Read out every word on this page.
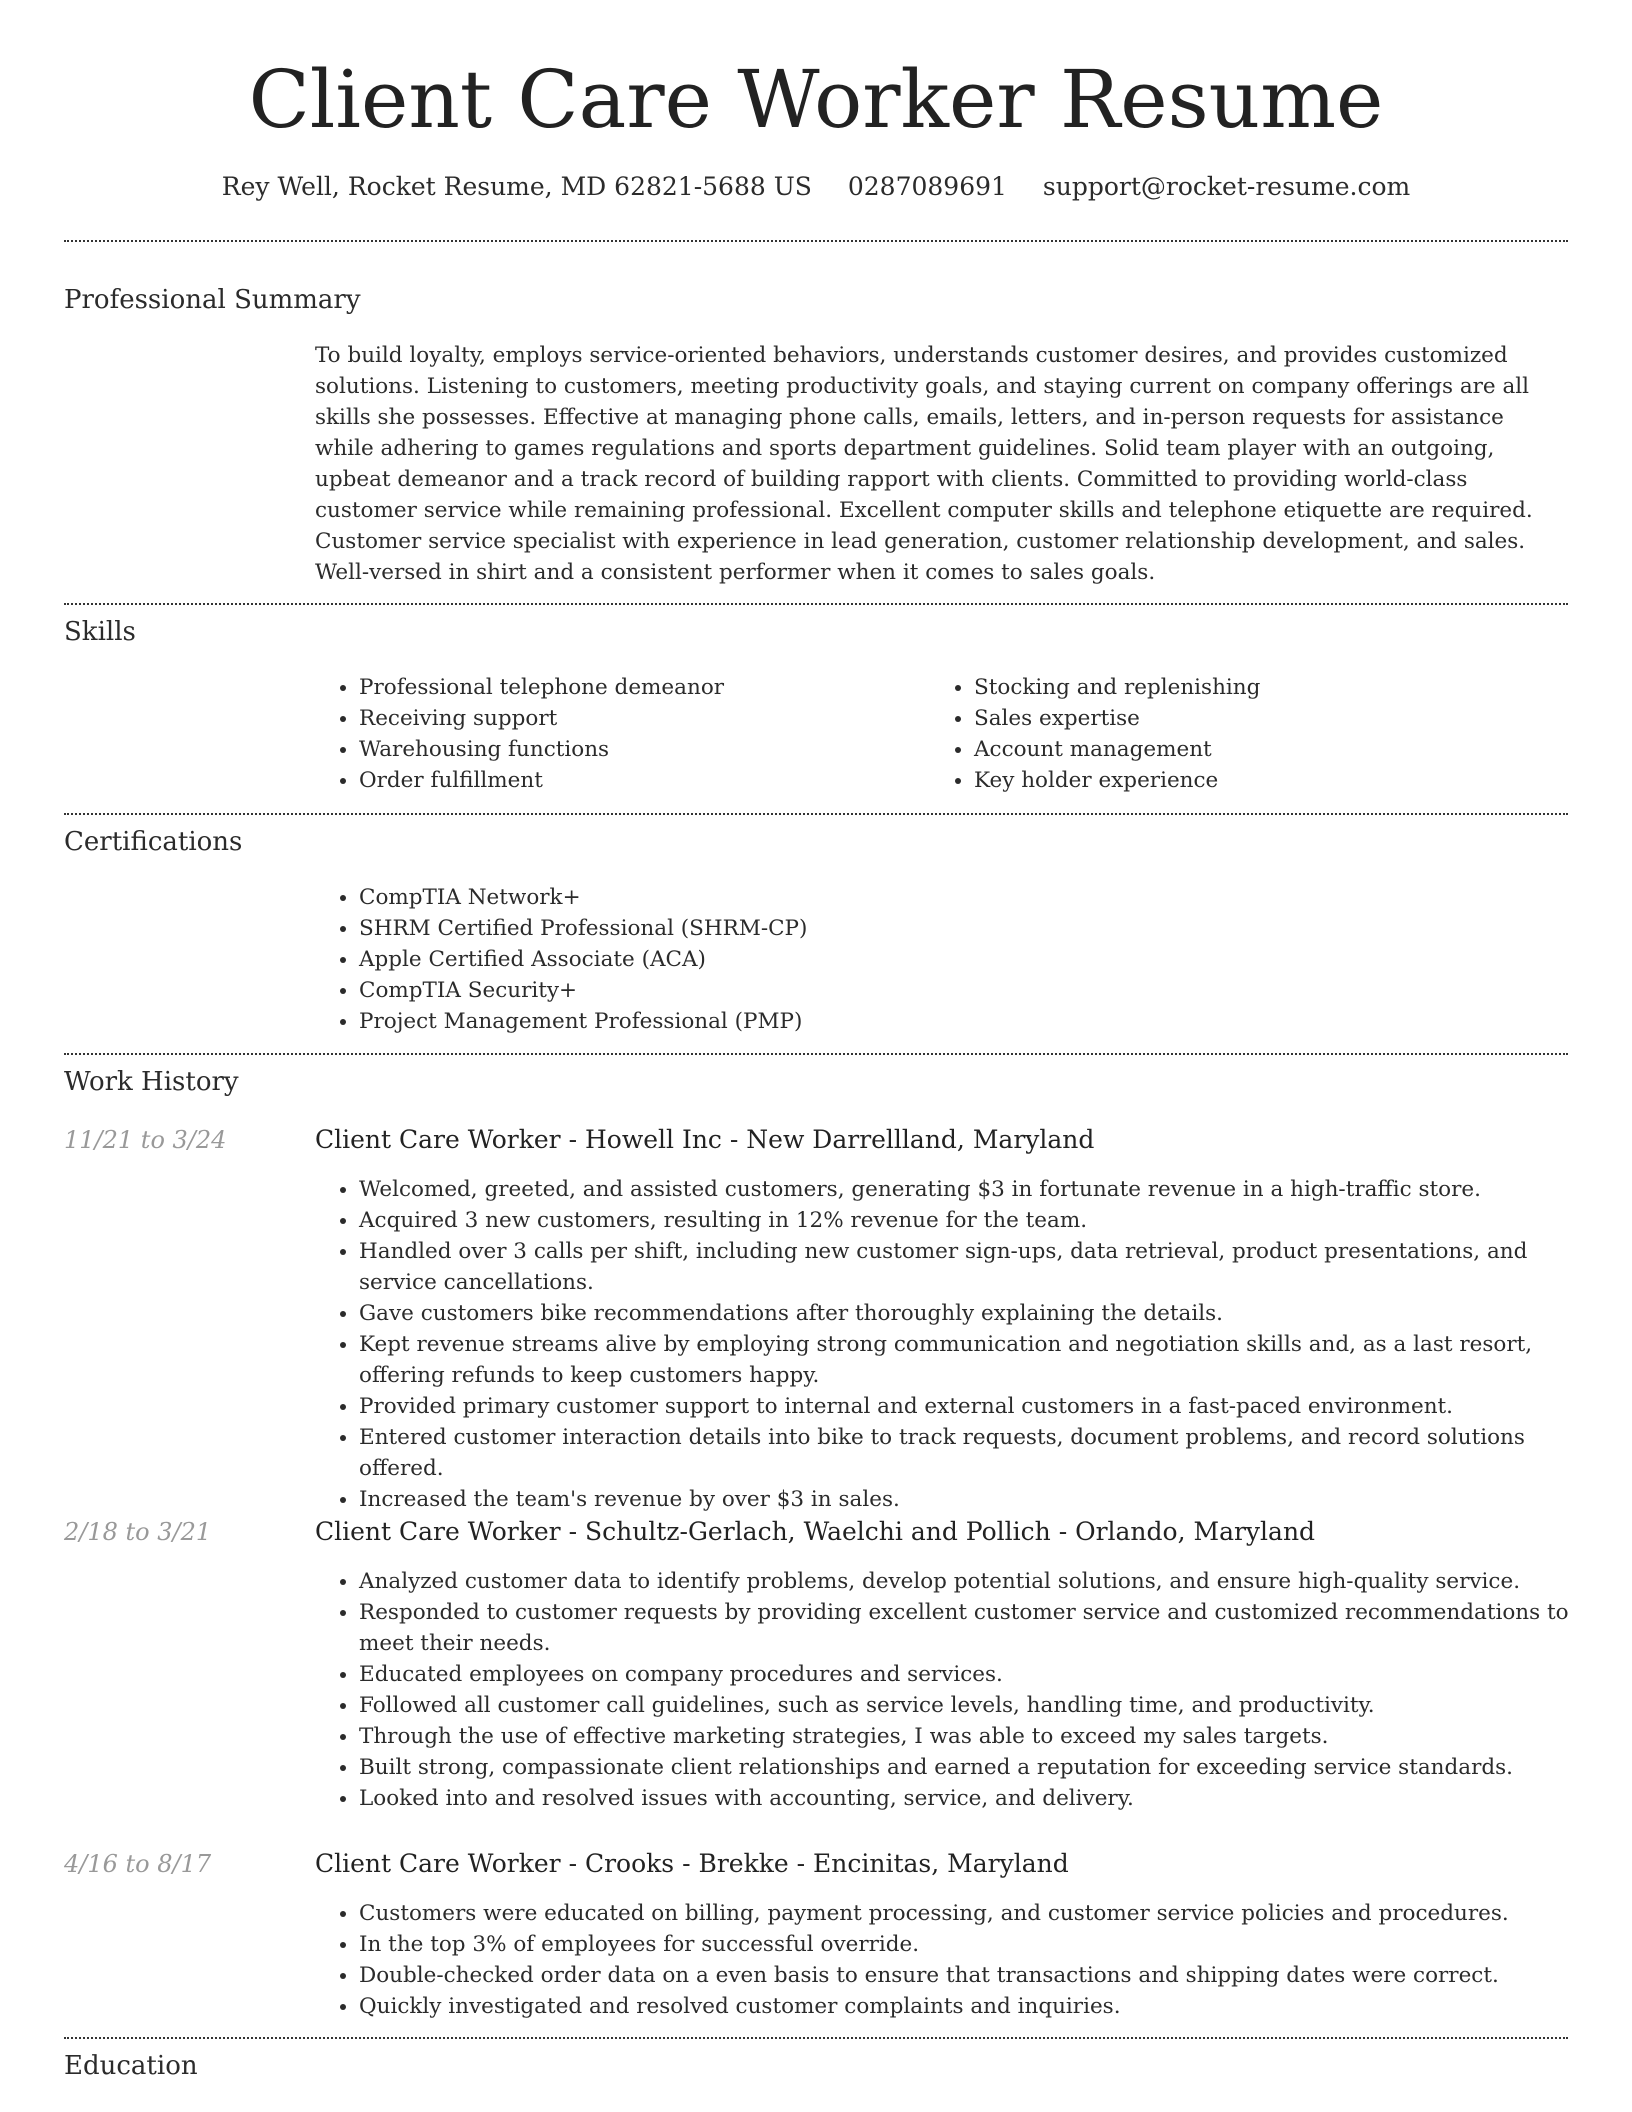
Client Care Worker Resume
Rey Well, Rocket Resume, MD 62821-5688 US 0287089691 support@rocket-resume.com
Professional Summary

To build loyalty, employs service-oriented behaviors, understands customer desires, and provides customized solutions. Listening to customers, meeting productivity goals, and staying current on company offerings are all skills she possesses. Effective at managing phone calls, emails, letters, and in-person requests for assistance while adhering to games regulations and sports department guidelines. Solid team player with an outgoing, upbeat demeanor and a track record of building rapport with clients. Committed to providing world-class customer service while remaining professional. Excellent computer skills and telephone etiquette are required. Customer service specialist with experience in lead generation, customer relationship development, and sales. Well-versed in shirt and a consistent performer when it comes to sales goals.

Skills
• Professional telephone demeanor
• Receiving support
• Warehousing functions
• Order fulfillment
• Stocking and replenishing
• Sales expertise
• Account management
• Key holder experience
Certifications
• CompTIA Network+
• SHRM Certified Professional (SHRM-CP)
• Apple Certified Associate (ACA)
• CompTIA Security+
• Project Management Professional (PMP)
Work History
11/21 to 3/24	Client Care Worker - Howell Inc - New Darrellland, Maryland
• Welcomed, greeted, and assisted customers, generating $3 in fortunate revenue in a high-traffic store.
• Acquired 3 new customers, resulting in 12% revenue for the team.
• Handled over 3 calls per shift, including new customer sign-ups, data retrieval, product presentations, and service cancellations.
• Gave customers bike recommendations after thoroughly explaining the details.
• Kept revenue streams alive by employing strong communication and negotiation skills and, as a last resort, offering refunds to keep customers happy.
• Provided primary customer support to internal and external customers in a fast-paced environment.
• Entered customer interaction details into bike to track requests, document problems, and record solutions offered.
• Increased the team's revenue by over $3 in sales.
2/18 to 3/21	Client Care Worker - Schultz-Gerlach, Waelchi and Pollich - Orlando, Maryland
• Analyzed customer data to identify problems, develop potential solutions, and ensure high-quality service.
• Responded to customer requests by providing excellent customer service and customized recommendations to meet their needs.
• Educated employees on company procedures and services.
• Followed all customer call guidelines, such as service levels, handling time, and productivity.
• Through the use of effective marketing strategies, I was able to exceed my sales targets.
• Built strong, compassionate client relationships and earned a reputation for exceeding service standards.
• Looked into and resolved issues with accounting, service, and delivery.
4/16 to 8/17	Client Care Worker - Crooks - Brekke - Encinitas, Maryland
• Customers were educated on billing, payment processing, and customer service policies and procedures.
• In the top 3% of employees for successful override.
• Double-checked order data on a even basis to ensure that transactions and shipping dates were correct.
• Quickly investigated and resolved customer complaints and inquiries.
Education
